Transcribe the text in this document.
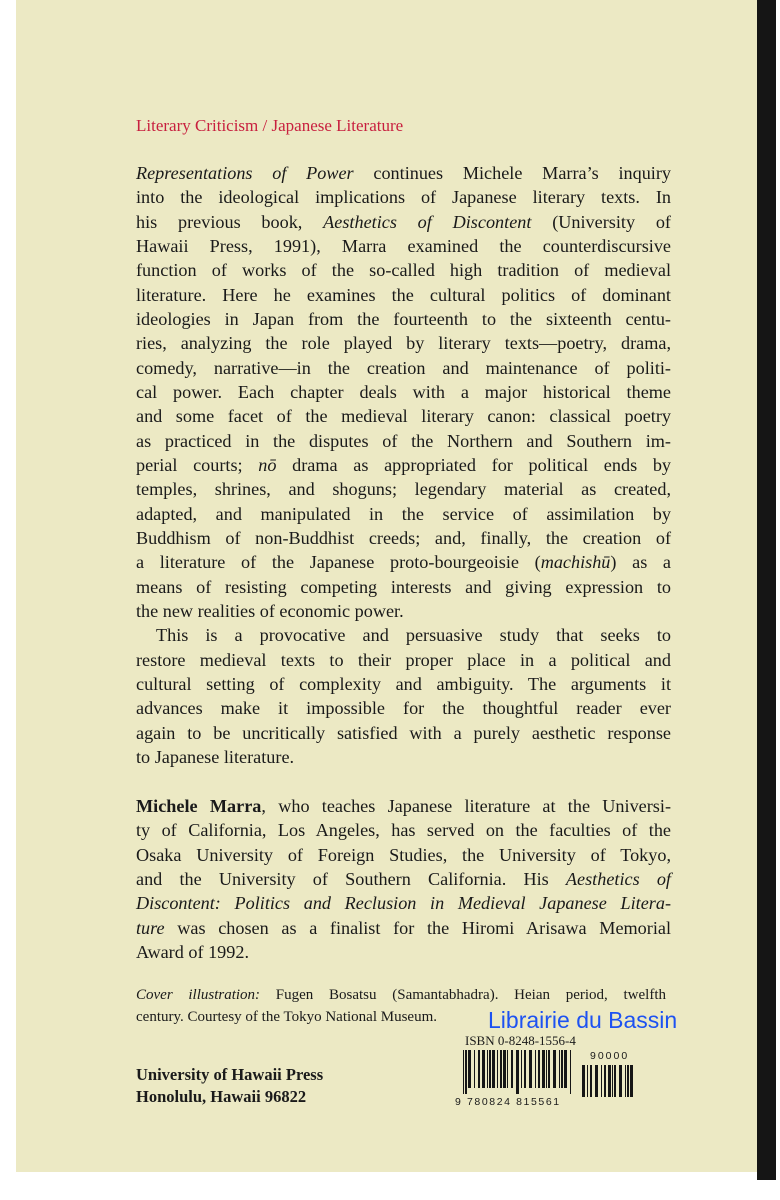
Literary Criticism / Japanese Literature
Representations of Power continues Michele Marra’s inquiry
into the ideological implications of Japanese literary texts. In
his previous book, Aesthetics of Discontent (University of
Hawaii Press, 1991), Marra examined the counterdiscursive
function of works of the so-called high tradition of medieval
literature. Here he examines the cultural politics of dominant
ideologies in Japan from the fourteenth to the sixteenth centu-
ries, analyzing the role played by literary texts—poetry, drama,
comedy, narrative—in the creation and maintenance of politi-
cal power. Each chapter deals with a major historical theme
and some facet of the medieval literary canon: classical poetry
as practiced in the disputes of the Northern and Southern im-
perial courts; nō drama as appropriated for political ends by
temples, shrines, and shoguns; legendary material as created,
adapted, and manipulated in the service of assimilation by
Buddhism of non-Buddhist creeds; and, finally, the creation of
a literature of the Japanese proto-bourgeoisie (machishū) as a
means of resisting competing interests and giving expression to
the new realities of economic power.
This is a provocative and persuasive study that seeks to
restore medieval texts to their proper place in a political and
cultural setting of complexity and ambiguity. The arguments it
advances make it impossible for the thoughtful reader ever
again to be uncritically satisfied with a purely aesthetic response
to Japanese literature.
Michele Marra, who teaches Japanese literature at the Universi-
ty of California, Los Angeles, has served on the faculties of the
Osaka University of Foreign Studies, the University of Tokyo,
and the University of Southern California. His Aesthetics of
Discontent: Politics and Reclusion in Medieval Japanese Litera-
ture was chosen as a finalist for the Hiromi Arisawa Memorial
Award of 1992.
Cover illustration: Fugen Bosatsu (Samantabhadra). Heian period, twelfth
century. Courtesy of the Tokyo National Museum.
University of Hawaii Press
Honolulu, Hawaii 96822
ISBN 0-8248-1556-4
9 780824 815561
90000
Librairie du Bassin
